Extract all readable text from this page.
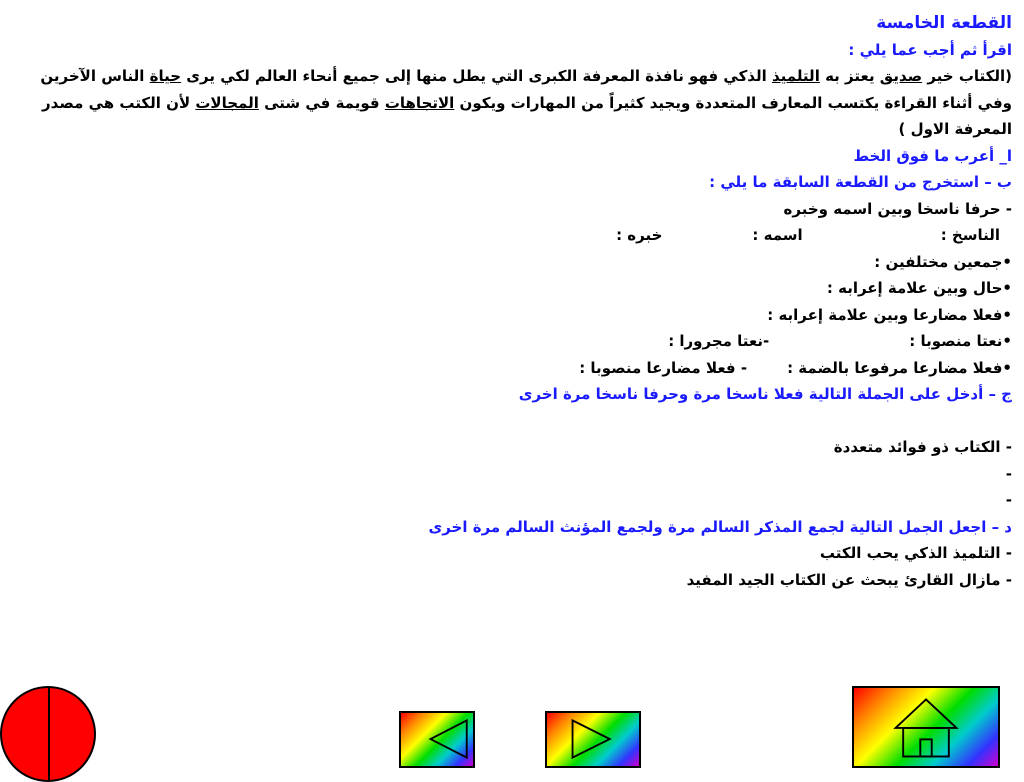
القطعة الخامسة
اقرأ ثم أجب عما يلي :
(الكتاب خير صديق يعتز به التلميذ الذكي فهو نافذة المعرفة الكبرى التي يطل منها إلى جميع أنحاء العالم لكي يرى حياة الناس الآخرين
وفي أثناء القراءة يكتسب المعارف المتعددة ويجيد كثيراً من المهارات ويكون الاتجاهات قويمة في شتى المجالات لأن الكتب هي مصدر
المعرفة الاول )
ا_ أعرب ما فوق الخط
ب – استخرج من القطعة السابقة ما يلي :
- حرفا ناسخا وبين اسمه وخبره
الناسخ :اسمه :خبره :
•جمعين مختلفين :
•حال وبين علامة إعرابه :
•فعلا مضارعا وبين علامة إعرابه :
•نعتا منصوبا :-نعتا مجرورا :
•فعلا مضارعا مرفوعا بالضمة :- فعلا مضارعا منصوبا :
ج – أدخل على الجملة التالية فعلا ناسخا مرة وحرفا ناسخا مرة اخرى
- الكتاب ذو فوائد متعددة
-
-
د – اجعل الجمل التالية لجمع المذكر السالم مرة ولجمع المؤنث السالم مرة اخرى
- التلميذ الذكي يحب الكتب
- مازال القارئ يبحث عن الكتاب الجيد المفيد
